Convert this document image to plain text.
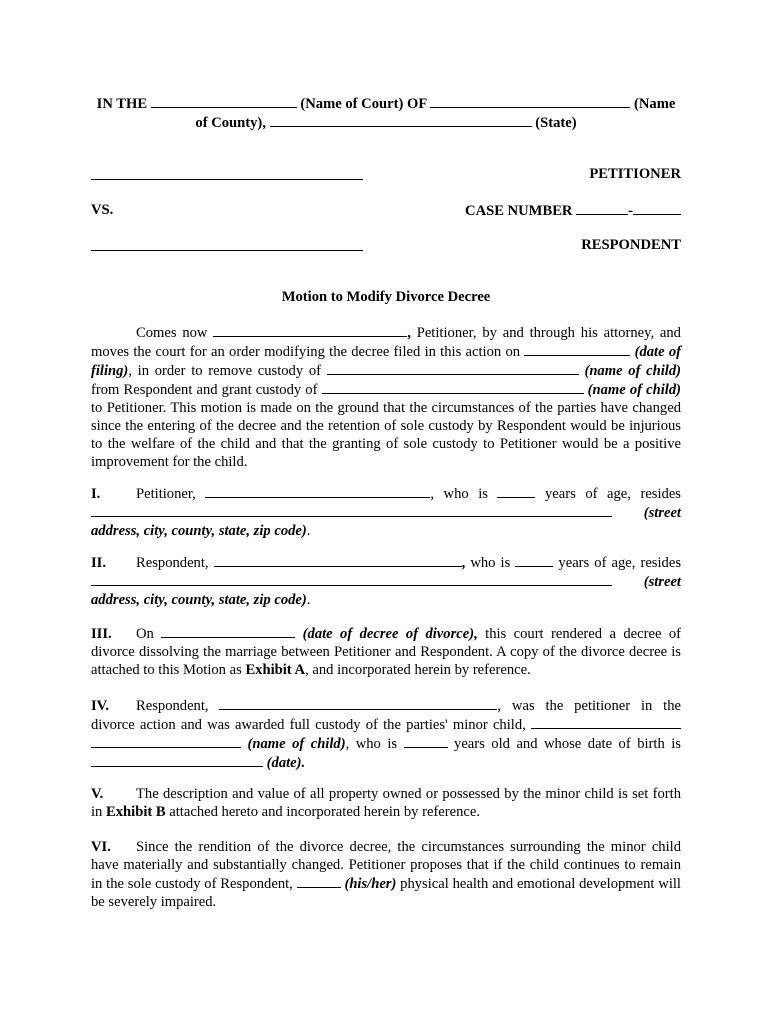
IN THE	(Name of Court) OF	(Name
of County),	(State)

PETITIONER
VS.	CASE NUMBER	-
RESPONDENT

Motion to Modify Divorce Decree

Comes now	, Petitioner, by and through his attorney, and moves the court for an order modifying the decree filed in this action on	(date of filing), in order to remove custody of	(name of child) from Respondent and grant custody of	(name of child) to Petitioner. This motion is made on the ground that the circumstances of the parties have changed since the entering of the decree and the retention of sole custody by Respondent would be injurious to the welfare of the child and that the granting of sole custody to Petitioner would be a positive improvement for the child.

I. Petitioner,	, who is	years of age, resides  (street address, city, county, state, zip code).

II. Respondent,	, who is	years of age, resides  (street address, city, county, state, zip code).

III. On	(date of decree of divorce), this court rendered a decree of divorce dissolving the marriage between Petitioner and Respondent. A copy of the divorce decree is attached to this Motion as Exhibit A, and incorporated herein by reference.

IV. Respondent,	, was the petitioner in the divorce action and was awarded full custody of the parties' minor child,   (name of child), who is	years old and whose date of birth is  (date).

V. The description and value of all property owned or possessed by the minor child is set forth in Exhibit B attached hereto and incorporated herein by reference.

VI. Since the rendition of the divorce decree, the circumstances surrounding the minor child have materially and substantially changed. Petitioner proposes that if the child continues to remain in the sole custody of Respondent,	(his/her) physical health and emotional development will be severely impaired.
